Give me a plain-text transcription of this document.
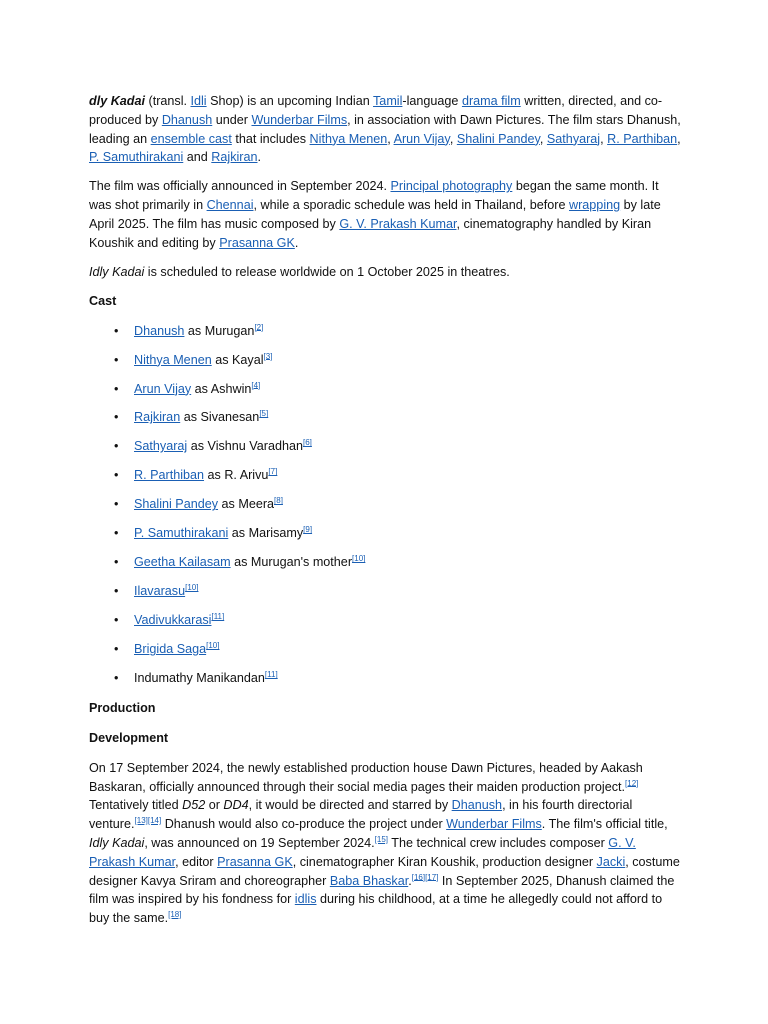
dly Kadai (transl. Idli Shop) is an upcoming Indian Tamil-language drama film written, directed, and co-produced by Dhanush under Wunderbar Films, in association with Dawn Pictures. The film stars Dhanush, leading an ensemble cast that includes Nithya Menen, Arun Vijay, Shalini Pandey, Sathyaraj, R. Parthiban, P. Samuthirakani and Rajkiran.

The film was officially announced in September 2024. Principal photography began the same month. It was shot primarily in Chennai, while a sporadic schedule was held in Thailand, before wrapping by late April 2025. The film has music composed by G. V. Prakash Kumar, cinematography handled by Kiran Koushik and editing by Prasanna GK.

Idly Kadai is scheduled to release worldwide on 1 October 2025 in theatres.

Cast
• Dhanush as Murugan[2]
• Nithya Menen as Kayal[3]
• Arun Vijay as Ashwin[4]
• Rajkiran as Sivanesan[5]
• Sathyaraj as Vishnu Varadhan[6]
• R. Parthiban as R. Arivu[7]
• Shalini Pandey as Meera[8]
• P. Samuthirakani as Marisamy[9]
• Geetha Kailasam as Murugan's mother[10]
• Ilavarasu[10]
• Vadivukkarasi[11]
• Brigida Saga[10]
• Indumathy Manikandan[11]
Production
Development

On 17 September 2024, the newly established production house Dawn Pictures, headed by Aakash Baskaran, officially announced through their social media pages their maiden production project.[12] Tentatively titled D52 or DD4, it would be directed and starred by Dhanush, in his fourth directorial venture.[13][14] Dhanush would also co-produce the project under Wunderbar Films. The film's official title, Idly Kadai, was announced on 19 September 2024.[15] The technical crew includes composer G. V. Prakash Kumar, editor Prasanna GK, cinematographer Kiran Koushik, production designer Jacki, costume designer Kavya Sriram and choreographer Baba Bhaskar.[16][17] In September 2025, Dhanush claimed the film was inspired by his fondness for idlis during his childhood, at a time he allegedly could not afford to buy the same.[18]
